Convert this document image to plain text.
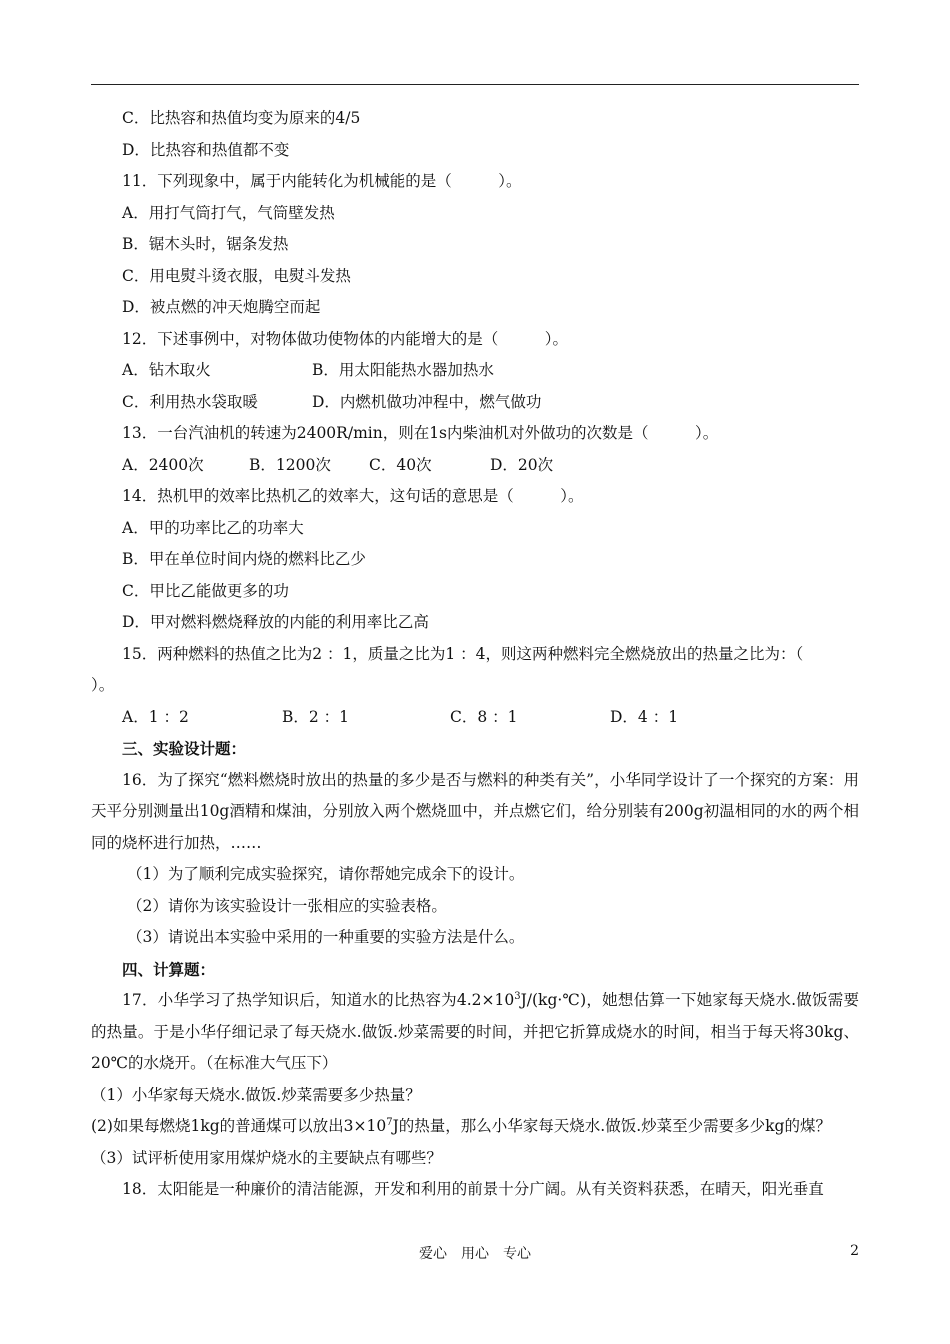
C．比热容和热值均变为原来的4/5
D．比热容和热值都不变
11．下列现象中，属于内能转化为机械能的是（　　　）。
A．用打气筒打气，气筒壁发热
B．锯木头时，锯条发热
C．用电熨斗烫衣服，电熨斗发热
D．被点燃的冲天炮腾空而起
12．下述事例中，对物体做功使物体的内能增大的是（　　　）。
A．钻木取火	B．用太阳能热水器加热水
C．利用热水袋取暖	D．内燃机做功冲程中，燃气做功
13．一台汽油机的转速为2400R/min，则在1s内柴油机对外做功的次数是（　　　）。
A．2400次	B．1200次	C．40次	D．20次
14．热机甲的效率比热机乙的效率大，这句话的意思是（　　　）。
A．甲的功率比乙的功率大
B．甲在单位时间内烧的燃料比乙少
C．甲比乙能做更多的功
D．甲对燃料燃烧释放的内能的利用率比乙高
15．两种燃料的热值之比为2 ：1，质量之比为1 ：4，则这两种燃料完全燃烧放出的热量之比为：（
）。
A．1 ：2	B．2 ：1	C．8 ：1	D．4 ：1
三、实验设计题：
16．为了探究“燃料燃烧时放出的热量的多少是否与燃料的种类有关”，小华同学设计了一个探究的方案：用天平分别测量出10g酒精和煤油，分别放入两个燃烧皿中，并点燃它们，给分别装有200g初温相同的水的两个相同的烧杯进行加热，……
（1）为了顺利完成实验探究，请你帮她完成余下的设计。
（2）请你为该实验设计一张相应的实验表格。
（3）请说出本实验中采用的一种重要的实验方法是什么。
四、计算题：
17．小华学习了热学知识后，知道水的比热容为$4.2\times 10^3J/(kg\cdot℃)$，她想估算一下她家每天烧水.做饭需要的热量。于是小华仔细记录了每天烧水.做饭.炒菜需要的时间，并把它折算成烧水的时间，相当于每天将30kg、20℃的水烧开。（在标准大气压下）
（1）小华家每天烧水.做饭.炒菜需要多少热量？
(2)如果每燃烧1kg的普通煤可以放出$3\times 10^7J$的热量，那么小华家每天烧水.做饭.炒菜至少需要多少kg的煤？
（3）试评析使用家用煤炉烧水的主要缺点有哪些？
18．太阳能是一种廉价的清洁能源，开发和利用的前景十分广阔。从有关资料获悉，在晴天，阳光垂直
爱心　用心　专心	2
